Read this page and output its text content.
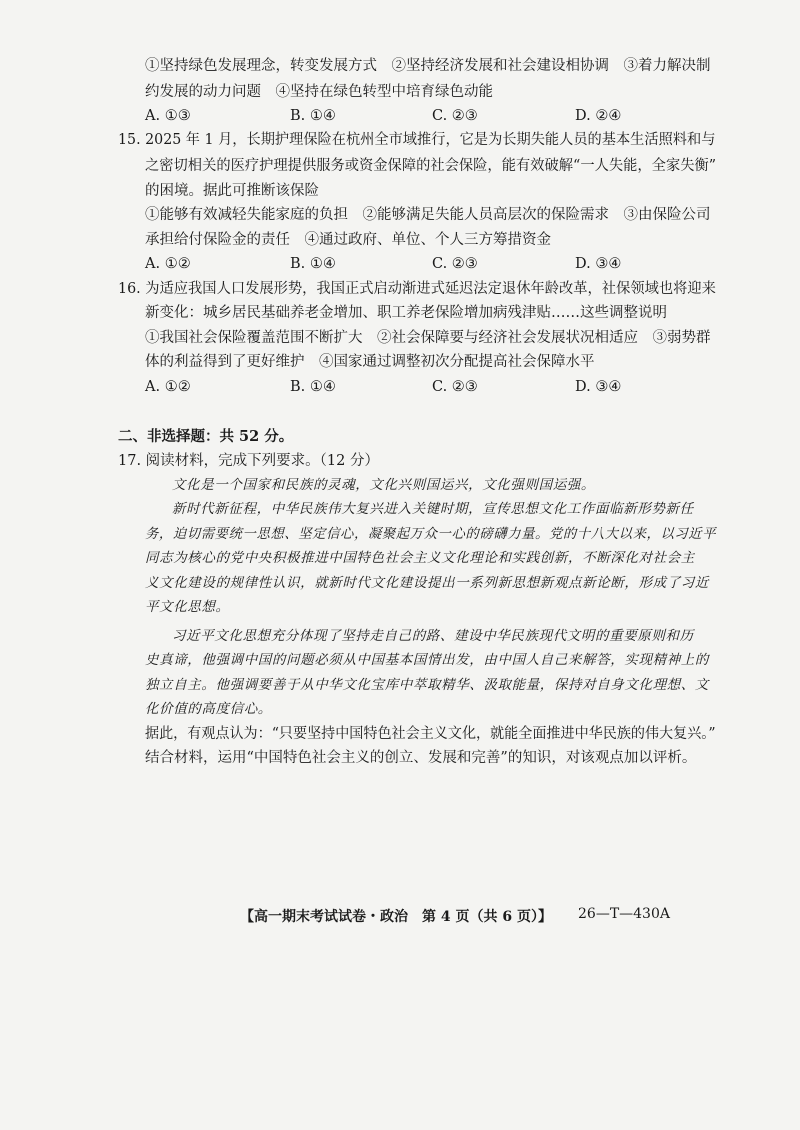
①坚持绿色发展理念，转变发展方式　②坚持经济发展和社会建设相协调　③着力解决制
约发展的动力问题　④坚持在绿色转型中培育绿色动能
A. ①③	B. ①④	C. ②③	D. ②④
15. 2025 年 1 月，长期护理保险在杭州全市域推行，它是为长期失能人员的基本生活照料和与
之密切相关的医疗护理提供服务或资金保障的社会保险，能有效破解“一人失能，全家失衡”
的困境。据此可推断该保险
①能够有效减轻失能家庭的负担　②能够满足失能人员高层次的保险需求　③由保险公司
承担给付保险金的责任　④通过政府、单位、个人三方筹措资金
A. ①②	B. ①④	C. ②③	D. ③④
16. 为适应我国人口发展形势，我国正式启动渐进式延迟法定退休年龄改革，社保领域也将迎来
新变化：城乡居民基础养老金增加、职工养老保险增加病残津贴……这些调整说明
①我国社会保险覆盖范围不断扩大　②社会保障要与经济社会发展状况相适应　③弱势群
体的利益得到了更好维护　④国家通过调整初次分配提高社会保障水平
A. ①②	B. ①④	C. ②③	D. ③④
二、非选择题：共 52 分。
17. 阅读材料，完成下列要求。（12 分）
文化是一个国家和民族的灵魂，文化兴则国运兴，文化强则国运强。
新时代新征程，中华民族伟大复兴进入关键时期，宣传思想文化工作面临新形势新任
务，迫切需要统一思想、坚定信心，凝聚起万众一心的磅礴力量。党的十八大以来，以习近平
同志为核心的党中央积极推进中国特色社会主义文化理论和实践创新，不断深化对社会主
义文化建设的规律性认识，就新时代文化建设提出一系列新思想新观点新论断，形成了习近
平文化思想。
习近平文化思想充分体现了坚持走自己的路、建设中华民族现代文明的重要原则和历
史真谛，他强调中国的问题必须从中国基本国情出发，由中国人自己来解答，实现精神上的
独立自主。他强调要善于从中华文化宝库中萃取精华、汲取能量，保持对自身文化理想、文
化价值的高度信心。
据此，有观点认为：“只要坚持中国特色社会主义文化，就能全面推进中华民族的伟大复兴。”
结合材料，运用“中国特色社会主义的创立、发展和完善”的知识，对该观点加以评析。
【高一期末考试试卷・政治　第 4 页（共 6 页）】 26—T—430A
